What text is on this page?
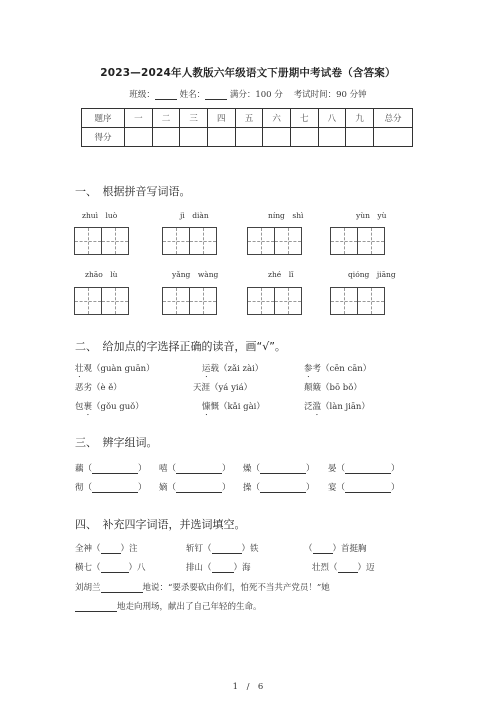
2023—2024年人教版六年级语文下册期中考试卷（含答案）
班级：	姓名：	满分：100 分 考试时间：90 分钟
题序	一	二	三	四	五	六	七	八	九	总分
得分										
一、　根据拼音写词语。
zhuì　luò	jì　diàn	níng　shì	yùn　yù
zhāo　lù	yǎng　wàng	zhé　lǐ	qióng　jiāng
二、　给加点的字选择正确的读音，画“√”。
壮观（guàn guān）	运载（zǎi zài）	参考（cēn cān）
恶劣（è ě）	天涯（yá yiá）	颠簸（bō bǒ）
包裹（gǒu guǒ）	慷慨（kǎi gài）	泛滥（làn jiān）
三、　辨字组词。
藕（	） 嘻（	） 燥（	） 晏（	）
彻（	） 嫡（	） 操（	） 宴（	）
四、　补充四字词语，并选词填空。
全神（ ）注	斩钉（	）铁	（ ）首挺胸
横七（	）八	排山（	）海	壮烈（ ）迈
刘胡兰	地说：“要杀要砍由你们，怕死不当共产党员！”她
地走向刑场，献出了自己年轻的生命。
1　/　6
